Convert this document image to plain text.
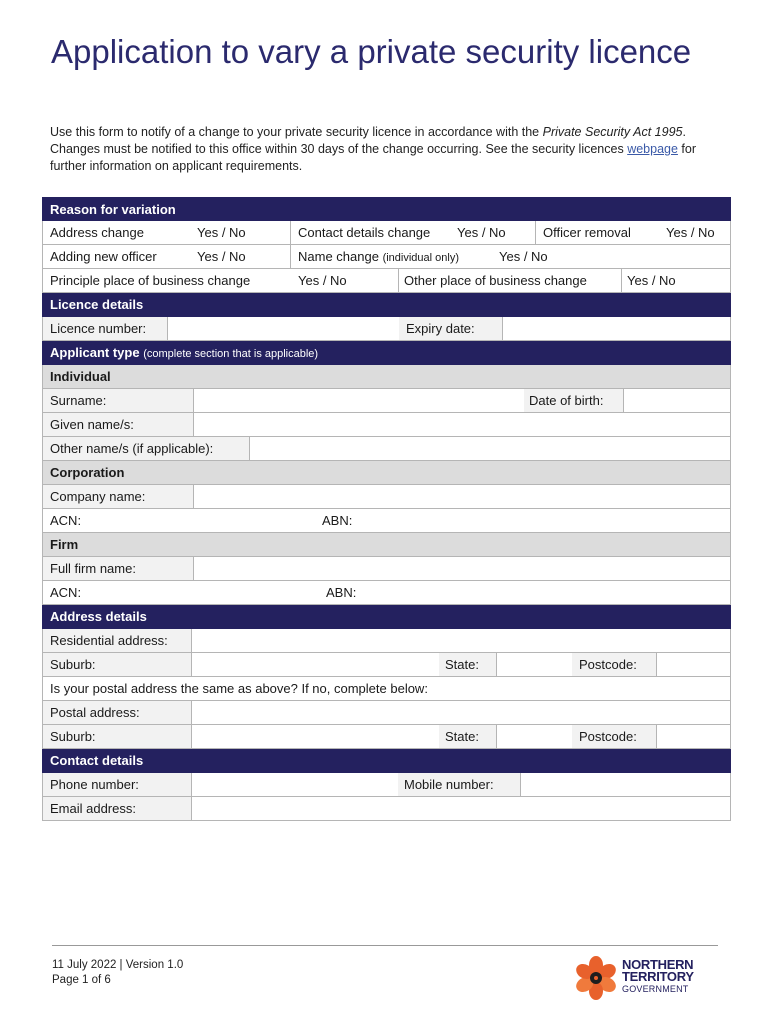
Application to vary a private security licence

Use this form to notify of a change to your private security licence in accordance with the Private Security Act 1995.

Changes must be notified to this office within 30 days of the change occurring. See the security licences webpage for further information on applicant requirements.

Reason for variation
Address change	Yes / No	Contact details change Yes / No	Officer removal	Yes / No
Adding new officer	Yes / No	Name change (individual only)	Yes / No
Principle place of business change	Yes / No	Other place of business change	Yes / No
Licence details
Licence number:	Expiry date:
Applicant type (complete section that is applicable)
Individual
Surname:	Date of birth:
Given name/s:
Other name/s (if applicable):
Corporation
Company name:
ACN:	ABN:
Firm
Full firm name:
ACN:	ABN:
Address details
Residential address:
Suburb:	State:	Postcode:
Is your postal address the same as above? If no, complete below:
Postal address:
Suburb:	State:	Postcode:
Contact details
Phone number:	Mobile number:
Email address:
11 July 2022 | Version 1.0
Page 1 of 6
NORTHERN
TERRITORY
GOVERNMENT
